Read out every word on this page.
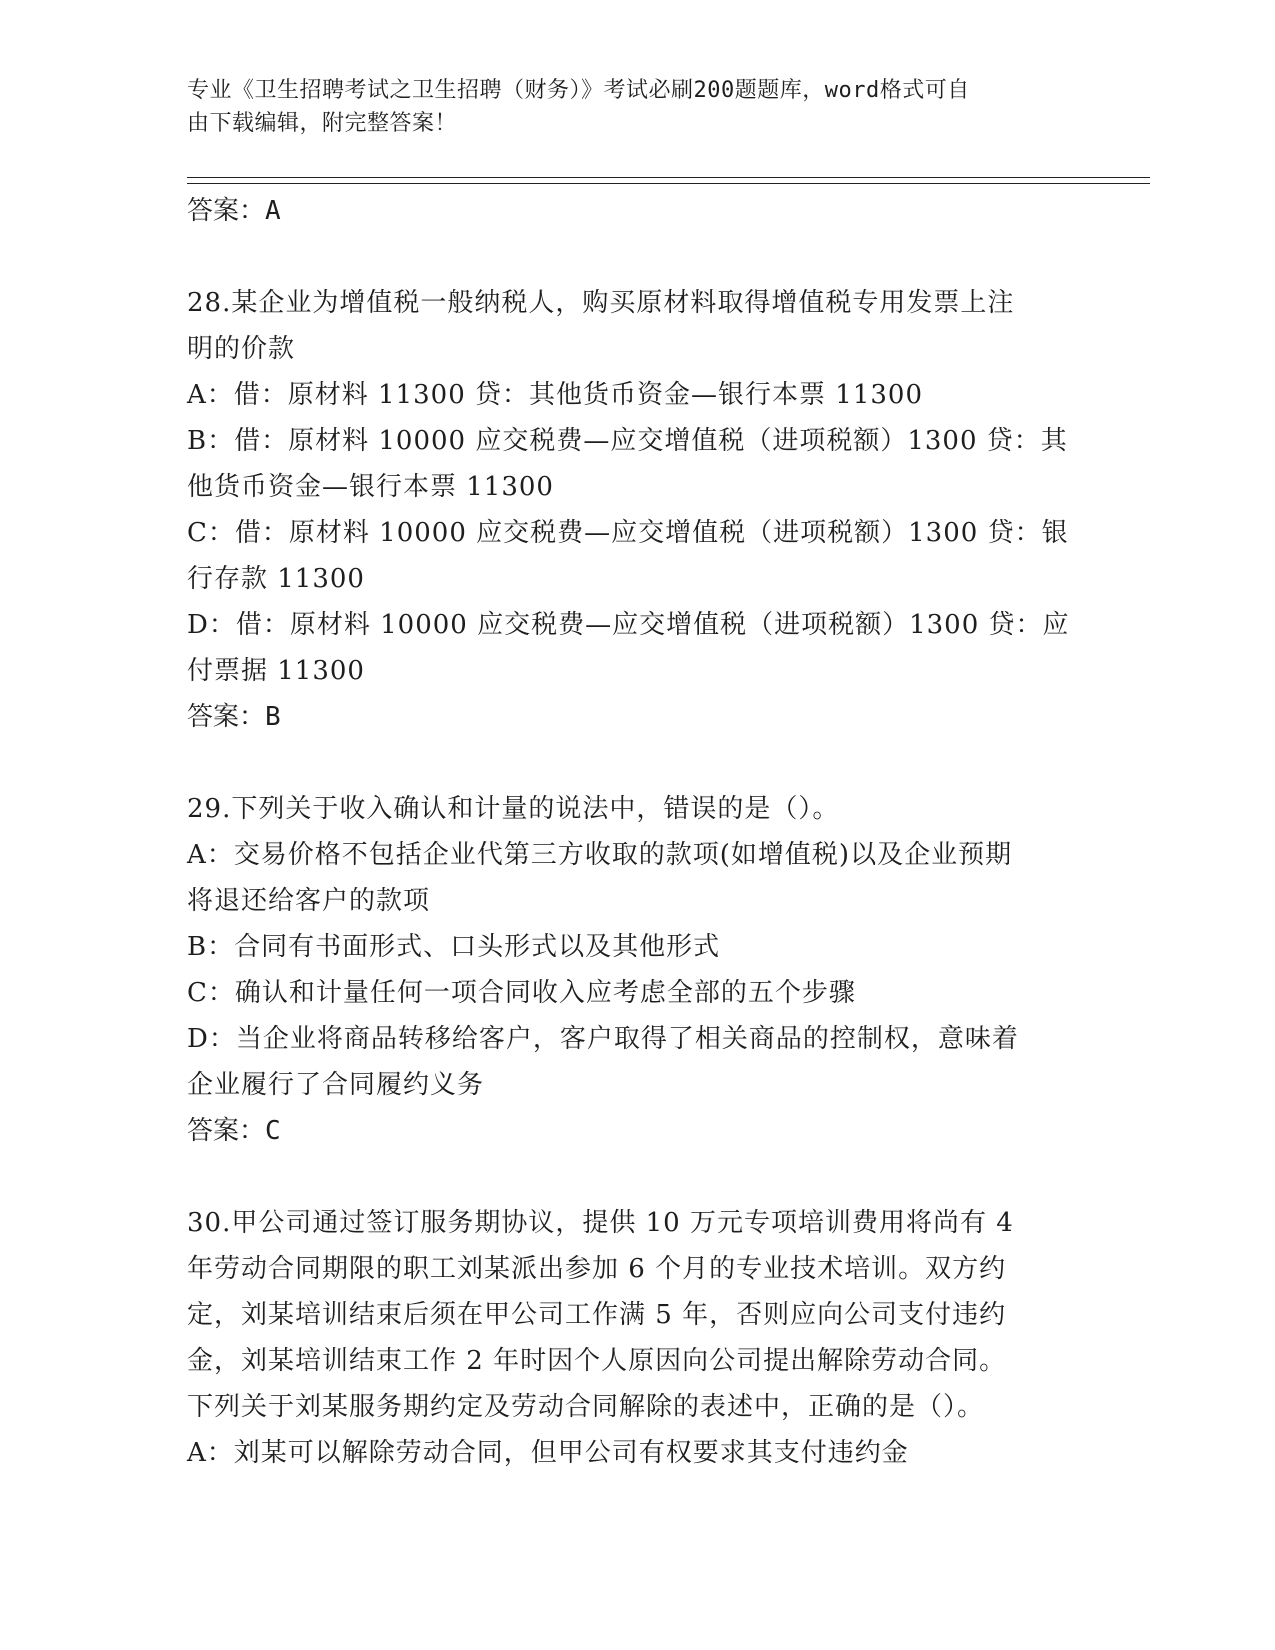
专业《卫生招聘考试之卫生招聘（财务）》考试必刷200题题库，word格式可自
由下载编辑，附完整答案！
答案：A
28.某企业为增值税一般纳税人，购买原材料取得增值税专用发票上注
明的价款
A：借：原材料 11300 贷：其他货币资金—银行本票 11300
B：借：原材料 10000 应交税费—应交增值税（进项税额）1300 贷：其
他货币资金—银行本票 11300
C：借：原材料 10000 应交税费—应交增值税（进项税额）1300 贷：银
行存款 11300
D：借：原材料 10000 应交税费—应交增值税（进项税额）1300 贷：应
付票据 11300
答案：B
29.下列关于收入确认和计量的说法中，错误的是（）。
A：交易价格不包括企业代第三方收取的款项(如增值税)以及企业预期
将退还给客户的款项
B：合同有书面形式、口头形式以及其他形式
C：确认和计量任何一项合同收入应考虑全部的五个步骤
D：当企业将商品转移给客户，客户取得了相关商品的控制权，意味着
企业履行了合同履约义务
答案：C
30.甲公司通过签订服务期协议，提供 10 万元专项培训费用将尚有 4
年劳动合同期限的职工刘某派出参加 6 个月的专业技术培训。双方约
定，刘某培训结束后须在甲公司工作满 5 年，否则应向公司支付违约
金，刘某培训结束工作 2 年时因个人原因向公司提出解除劳动合同。
下列关于刘某服务期约定及劳动合同解除的表述中，正确的是（）。
A：刘某可以解除劳动合同，但甲公司有权要求其支付违约金
